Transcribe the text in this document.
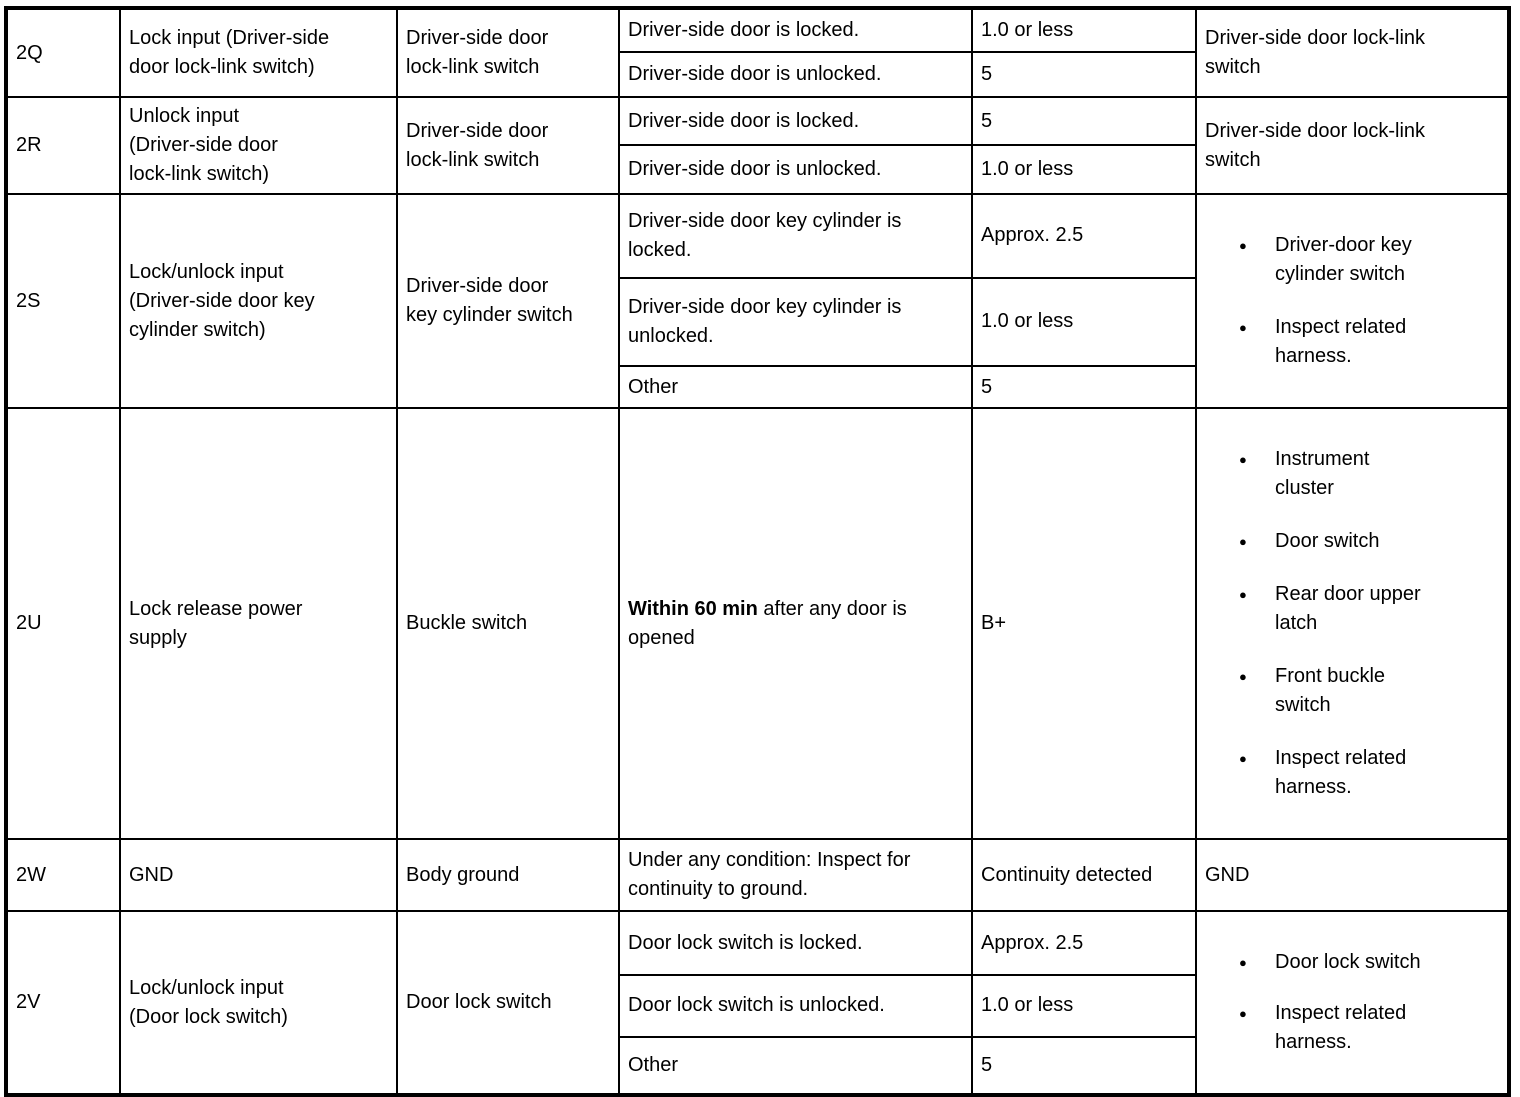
2Q	Lock input (Driver-side
door lock-link switch)	Driver-side door
lock-link switch	Driver-side door is locked.	1.0 or less	Driver-side door lock-link
switch
			Driver-side door is unlocked.	5	
2R	Unlock input
(Driver-side door
lock-link switch)	Driver-side door
lock-link switch	Driver-side door is locked.	5	Driver-side door lock-link
switch
			Driver-side door is unlocked.	1.0 or less	
2S	Lock/unlock input
(Driver-side door key
cylinder switch)	Driver-side door
key cylinder switch	Driver-side door key cylinder is
locked.	Approx. 2.5	●	Driver-door key
cylinder switch
●	Inspect related
harness.

			Driver-side door key cylinder is
unlocked.	1.0 or less	
			Other	5	
2U	Lock release power
supply	Buckle switch	Within 60 min after any door is
opened	B+	

●	Instrument
cluster
●	Door switch
●	Rear door upper
latch
●	Front buckle
switch
●	Inspect related
harness.

2W	GND	Body ground	Under any condition: Inspect for
continuity to ground.	Continuity detected	GND
2V	Lock/unlock input
(Door lock switch)	Door lock switch	Door lock switch is locked.	Approx. 2.5	

●	Door lock switch
●	Inspect related
harness.

			Door lock switch is unlocked.	1.0 or less	
			Other	5	
